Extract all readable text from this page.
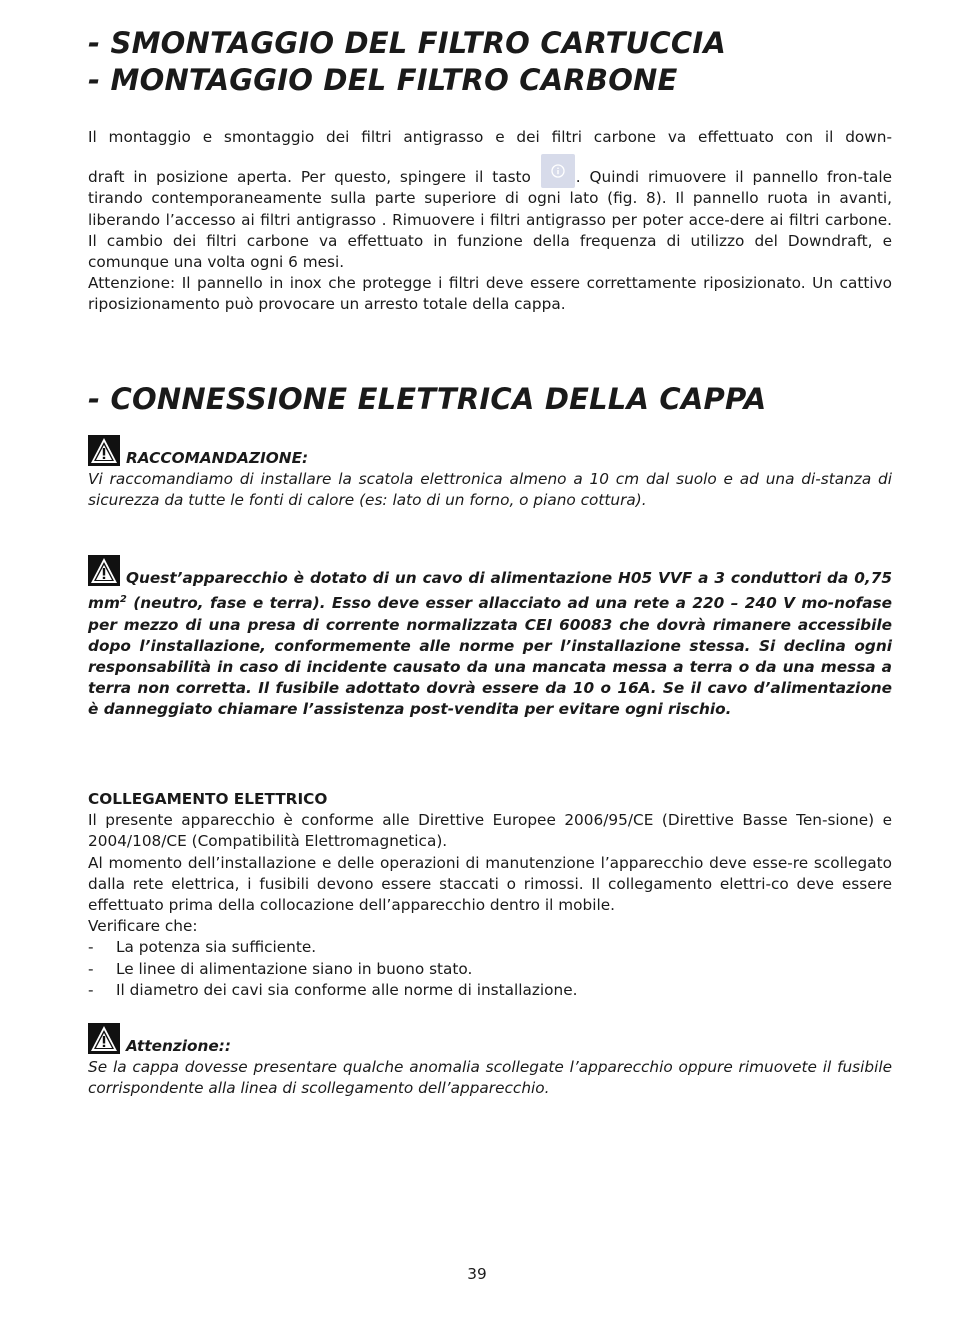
- SMONTAGGIO DEL FILTRO CARTUCCIA
- MONTAGGIO DEL FILTRO CARBONE

Il montaggio e smontaggio dei filtri antigrasso e dei filtri carbone va effettuato con il down-

draft in posizione aperta. Per questo, spingere il tasto	. Quindi rimuovere il pannello fron-tale tirando contemporaneamente sulla parte superiore di ogni lato (fig. 8). Il pannello ruota in avanti, liberando l’accesso ai filtri antigrasso . Rimuovere i filtri antigrasso per poter acce-dere ai filtri carbone. Il cambio dei filtri carbone va effettuato in funzione della frequenza di utilizzo del Downdraft, e comunque una volta ogni 6 mesi.

Attenzione: Il pannello in inox che protegge i filtri deve essere correttamente riposizionato. Un cattivo riposizionamento può provocare un arresto totale della cappa.

- CONNESSIONE ELETTRICA DELLA CAPPA

RACCOMANDAZIONE:

Vi raccomandiamo di installare la scatola elettronica almeno a 10 cm dal suolo e ad una di-stanza di sicurezza da tutte le fonti di calore (es: lato di un forno, o piano cottura).

Quest’apparecchio è dotato di un cavo di alimentazione H05 VVF a 3 conduttori da 0,75 $mm^2$ (neutro, fase e terra). Esso deve esser allacciato ad una rete a 220 – 240 V mo-nofase per mezzo di una presa di corrente normalizzata CEI 60083 che dovrà rimanere accessibile dopo l’installazione, conformemente alle norme per l’installazione stessa. Si declina ogni responsabilità in caso di incidente causato da una mancata messa a terra o da una messa a terra non corretta. Il fusibile adottato dovrà essere da 10 o 16A. Se il cavo d’alimentazione è danneggiato chiamare l’assistenza post-vendita per evitare ogni rischio.

COLLEGAMENTO ELETTRICO

Il presente apparecchio è conforme alle Direttive Europee 2006/95/CE (Direttive Basse Ten-sione) e 2004/108/CE (Compatibilità Elettromagnetica).

Al momento dell’installazione e delle operazioni di manutenzione l’apparecchio deve esse-re scollegato dalla rete elettrica, i fusibili devono essere staccati o rimossi. Il collegamento elettri-co deve essere effettuato prima della collocazione dell’apparecchio dentro il mobile.

Verificare che:

-	La potenza sia sufficiente.
-	Le linee di alimentazione siano in buono stato.
-	Il diametro dei cavi sia conforme alle norme di installazione.

Attenzione::

Se la cappa dovesse presentare qualche anomalia scollegate l’apparecchio oppure rimuovete il fusibile corrispondente alla linea di scollegamento dell’apparecchio.

39
